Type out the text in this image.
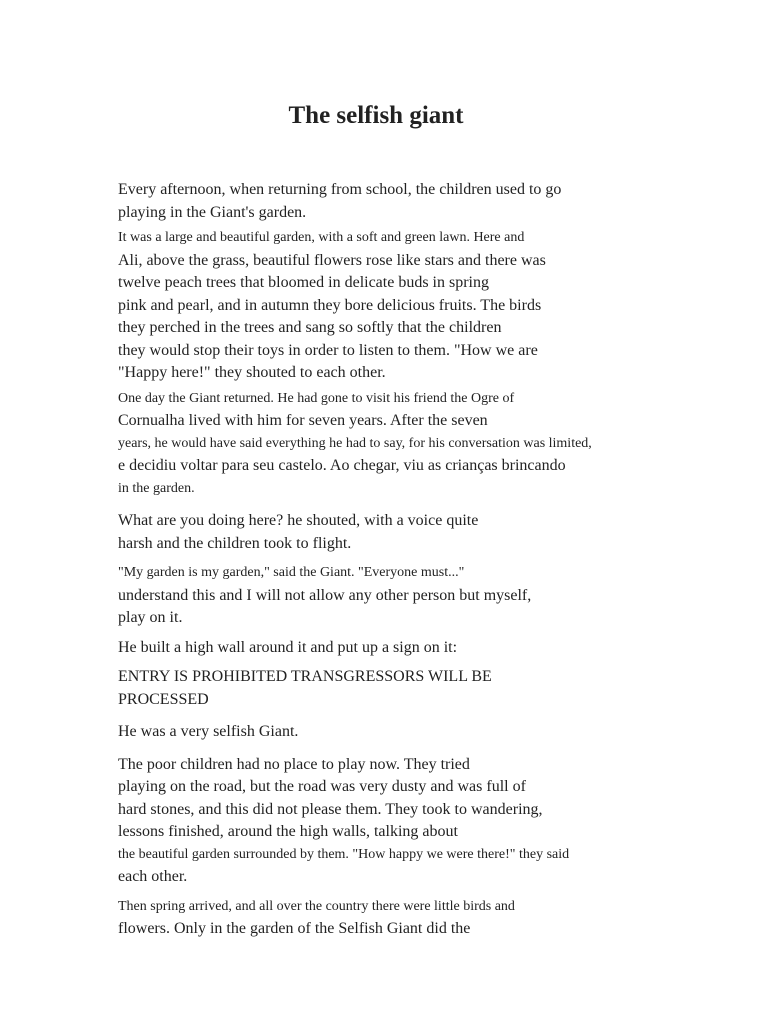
The selfish giant
Every afternoon, when returning from school, the children used to go
playing in the Giant's garden.
It was a large and beautiful garden, with a soft and green lawn. Here and
Ali, above the grass, beautiful flowers rose like stars and there was
twelve peach trees that bloomed in delicate buds in spring
pink and pearl, and in autumn they bore delicious fruits. The birds
they perched in the trees and sang so softly that the children
they would stop their toys in order to listen to them. "How we are
"Happy here!" they shouted to each other.
One day the Giant returned. He had gone to visit his friend the Ogre of
Cornualha lived with him for seven years. After the seven
years, he would have said everything he had to say, for his conversation was limited,
e decidiu voltar para seu castelo. Ao chegar, viu as crianças brincando
in the garden.
What are you doing here? he shouted, with a voice quite
harsh and the children took to flight.
"My garden is my garden," said the Giant. "Everyone must..."
understand this and I will not allow any other person but myself,
play on it.
He built a high wall around it and put up a sign on it:
ENTRY IS PROHIBITED TRANSGRESSORS WILL BE
PROCESSED
He was a very selfish Giant.
The poor children had no place to play now. They tried
playing on the road, but the road was very dusty and was full of
hard stones, and this did not please them. They took to wandering,
lessons finished, around the high walls, talking about
the beautiful garden surrounded by them. "How happy we were there!" they said
each other.
Then spring arrived, and all over the country there were little birds and
flowers. Only in the garden of the Selfish Giant did the
